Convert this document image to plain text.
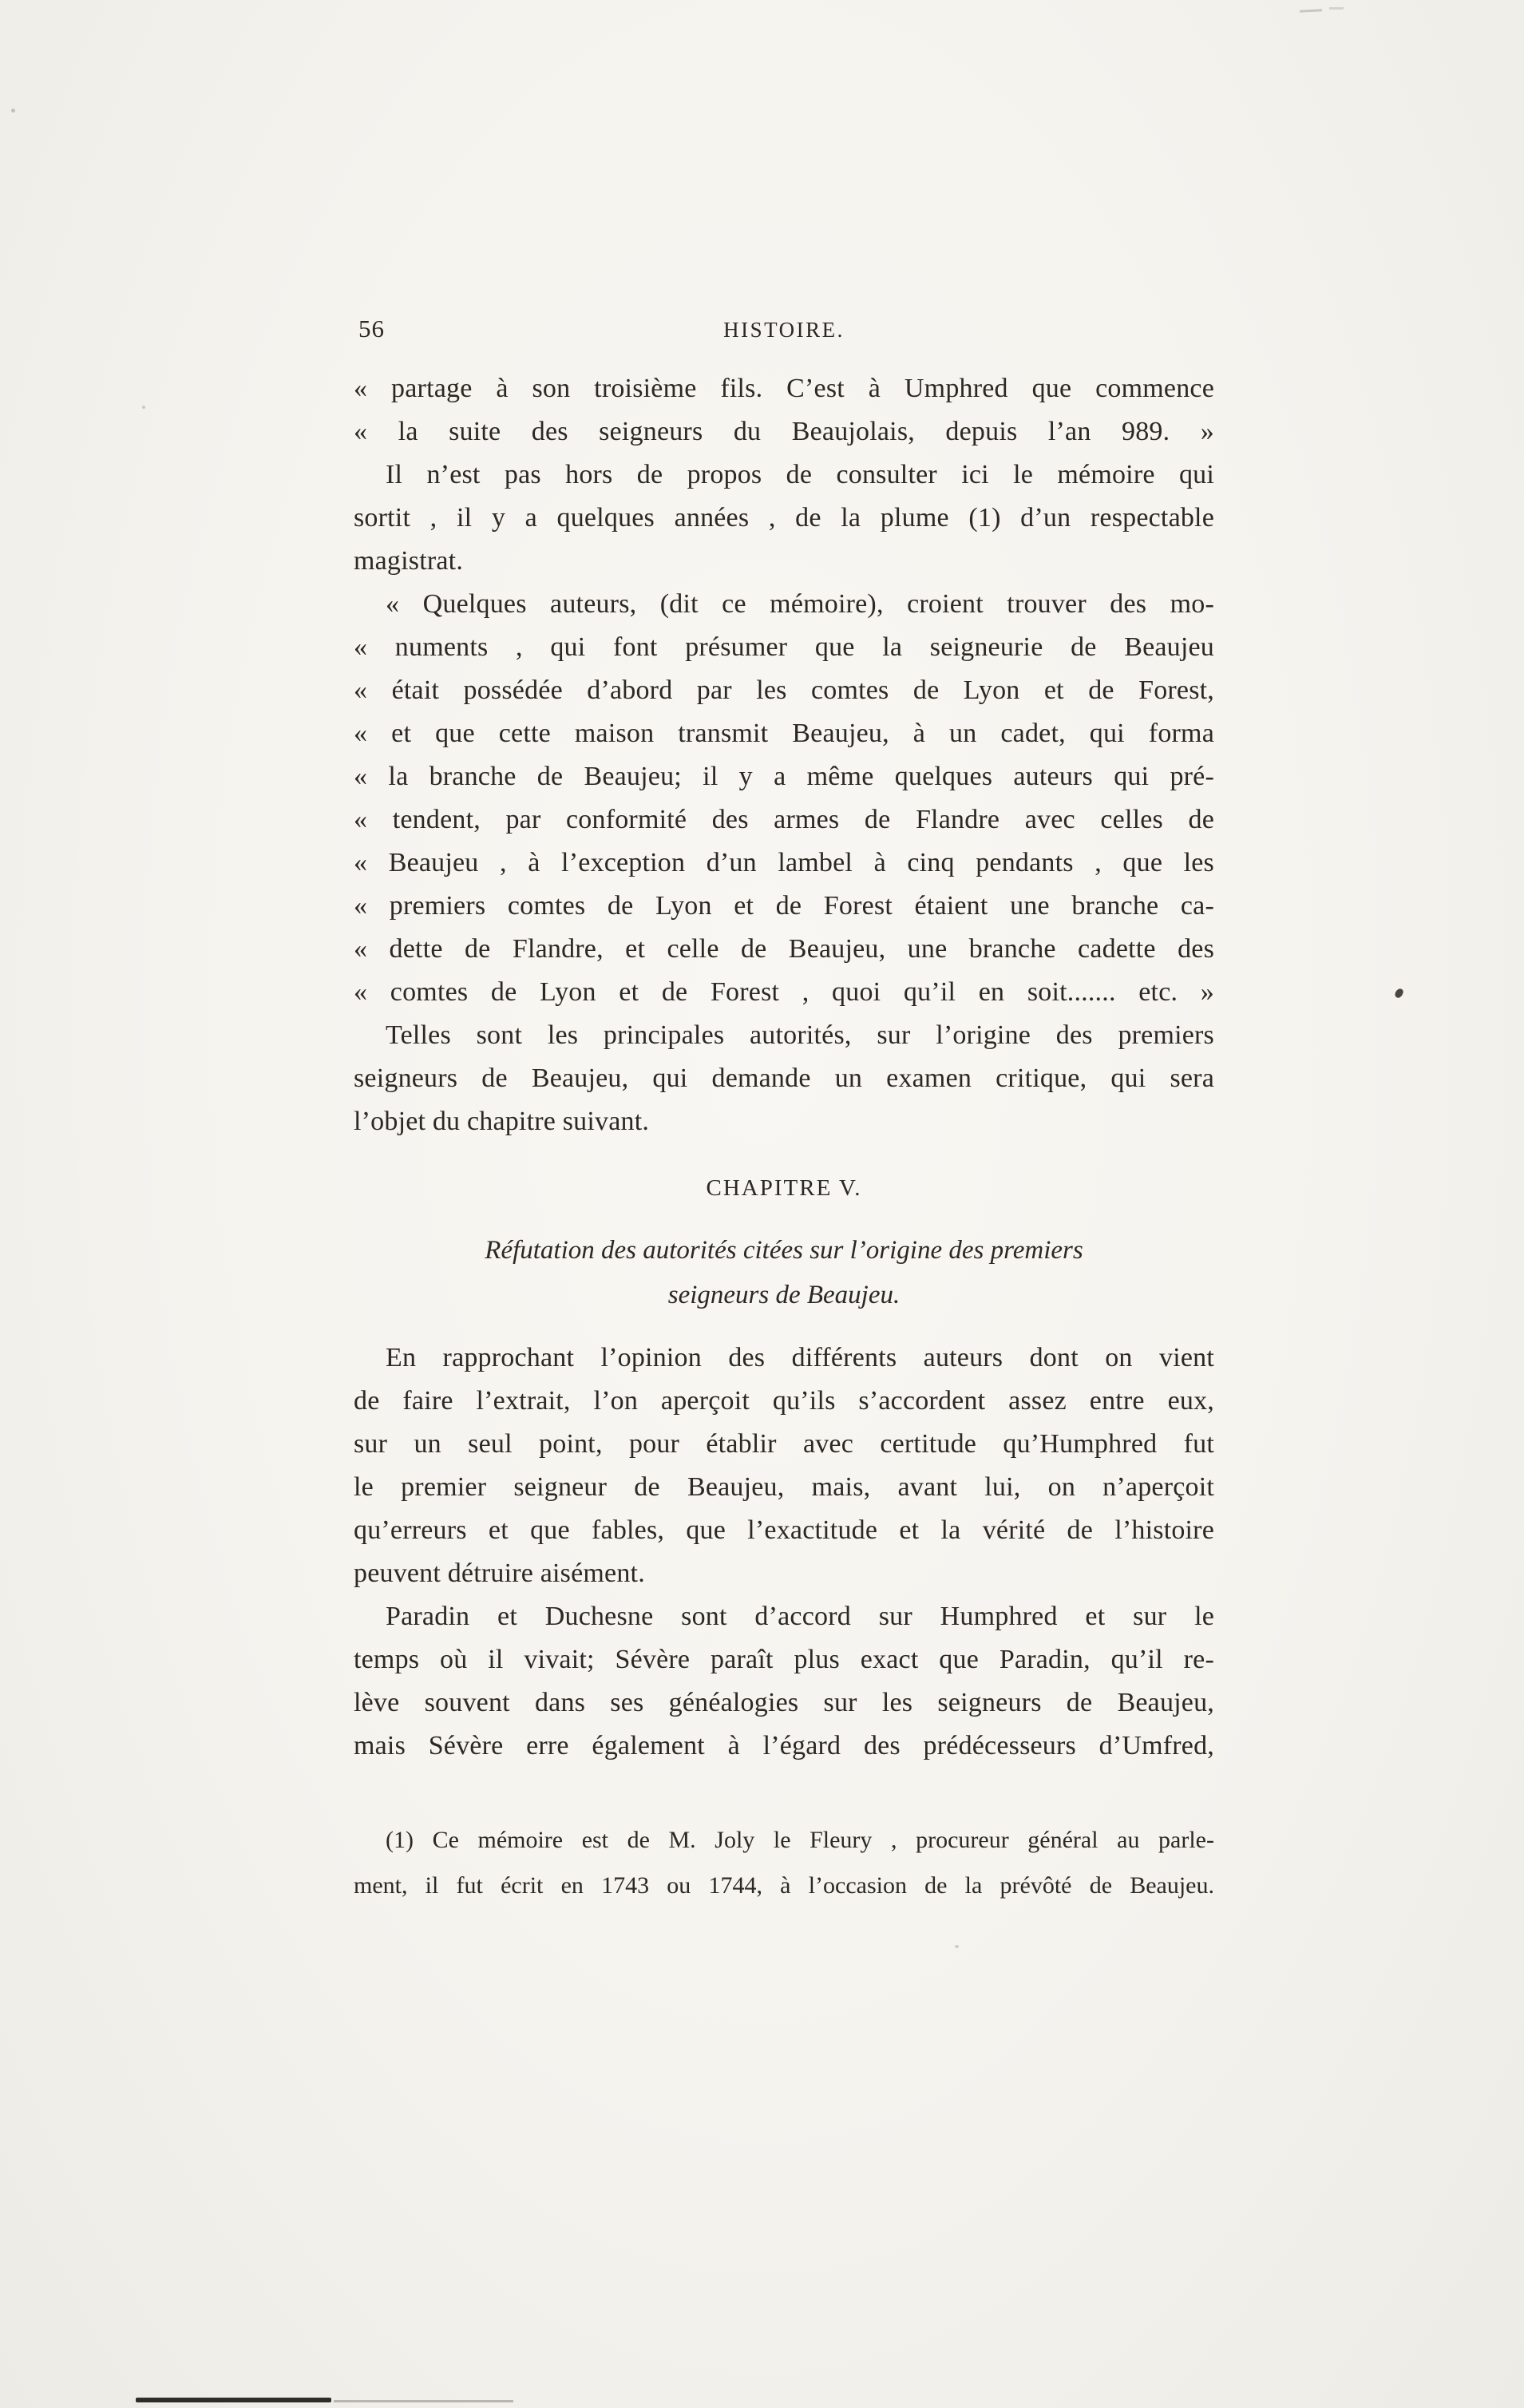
56	HISTOIRE.
« partage à son troisième fils. C’est à Umphred que commence
« la suite des seigneurs du Beaujolais, depuis l’an 989. »
Il n’est pas hors de propos de consulter ici le mémoire qui
sortit , il y a quelques années , de la plume (1) d’un respectable
magistrat.
« Quelques auteurs, (dit ce mémoire), croient trouver des mo-
« numents , qui font présumer que la seigneurie de Beaujeu
« était possédée d’abord par les comtes de Lyon et de Forest,
« et que cette maison transmit Beaujeu, à un cadet, qui forma
« la branche de Beaujeu; il y a même quelques auteurs qui pré-
« tendent, par conformité des armes de Flandre avec celles de
« Beaujeu , à l’exception d’un lambel à cinq pendants , que les
« premiers comtes de Lyon et de Forest étaient une branche ca-
« dette de Flandre, et celle de Beaujeu, une branche cadette des
« comtes de Lyon et de Forest , quoi qu’il en soit....... etc. »
Telles sont les principales autorités, sur l’origine des premiers
seigneurs de Beaujeu, qui demande un examen critique, qui sera
l’objet du chapitre suivant.
CHAPITRE V.
Réfutation des autorités citées sur l’origine des premiers
seigneurs de Beaujeu.
En rapprochant l’opinion des différents auteurs dont on vient
de faire l’extrait, l’on aperçoit qu’ils s’accordent assez entre eux,
sur un seul point, pour établir avec certitude qu’Humphred fut
le premier seigneur de Beaujeu, mais, avant lui, on n’aperçoit
qu’erreurs et que fables, que l’exactitude et la vérité de l’histoire
peuvent détruire aisément.
Paradin et Duchesne sont d’accord sur Humphred et sur le
temps où il vivait; Sévère paraît plus exact que Paradin, qu’il re-
lève souvent dans ses généalogies sur les seigneurs de Beaujeu,
mais Sévère erre également à l’égard des prédécesseurs d’Umfred,
(1) Ce mémoire est de M. Joly le Fleury , procureur général au parle-
ment, il fut écrit en 1743 ou 1744, à l’occasion de la prévôté de Beaujeu.
